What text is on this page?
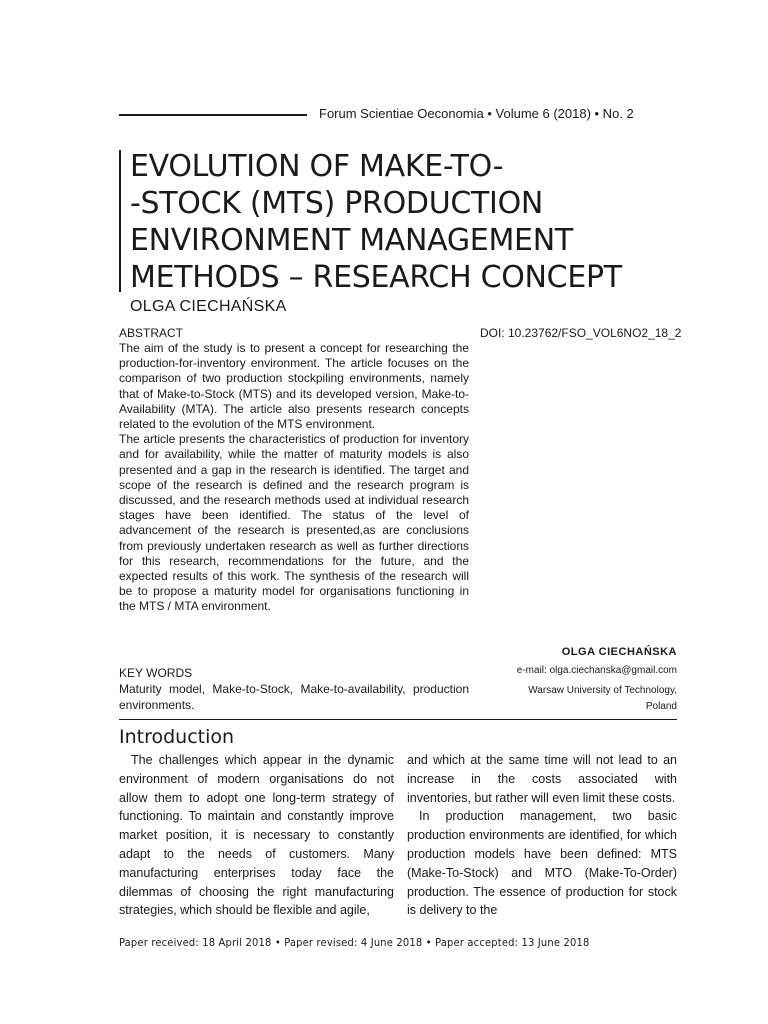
Forum Scientiae Oeconomia • Volume 6 (2018) • No. 2
EVOLUTION OF MAKE-TO-
-STOCK (MTS) PRODUCTION
ENVIRONMENT MANAGEMENT
METHODS – RESEARCH CONCEPT
OLGA CIECHAŃSKA
ABSTRACT	DOI: 10.23762/FSO_VOL6NO2_18_2

The aim of the study is to present a concept for researching the production-for-inventory environment. The article focuses on the comparison of two production stockpiling environments, namely that of Make-to-Stock (MTS) and its developed version, Make-to-Availability (MTA). The article also presents research concepts related to the evolution of the MTS environment.

The article presents the characteristics of production for inventory and for availability, while the matter of maturity models is also presented and a gap in the research is identified. The target and scope of the research is defined and the research program is discussed, and the research methods used at individual research stages have been identified. The status of the level of advancement of the research is presented,as are conclusions from previously undertaken research as well as further directions for this research, recommendations for the future, and the expected results of this work. The synthesis of the research will be to propose a maturity model for organisations functioning in the MTS / MTA environment.

OLGA CIECHAŃSKA
e-mail: olga.ciechanska@gmail.com
Warsaw University of Technology,
Poland
KEY WORDS

Maturity model, Make-to-Stock, Make-to-availability, production environments.

Introduction

The challenges which appear in the dynamic environment of modern organisations do not allow them to adopt one long-term strategy of functioning. To maintain and constantly improve market position, it is necessary to constantly adapt to the needs of customers. Many manufacturing enterprises today face the dilemmas of choosing the right manufacturing strategies, which should be flexible and agile,

and which at the same time will not lead to an increase in the costs associated with inventories, but rather will even limit these costs.

In production management, two basic production environments are identified, for which production models have been defined: MTS (Make-To-Stock) and MTO (Make-To-Order) production. The essence of production for stock is delivery to the

Paper received: 18 April 2018 • Paper revised: 4 June 2018 • Paper accepted: 13 June 2018
